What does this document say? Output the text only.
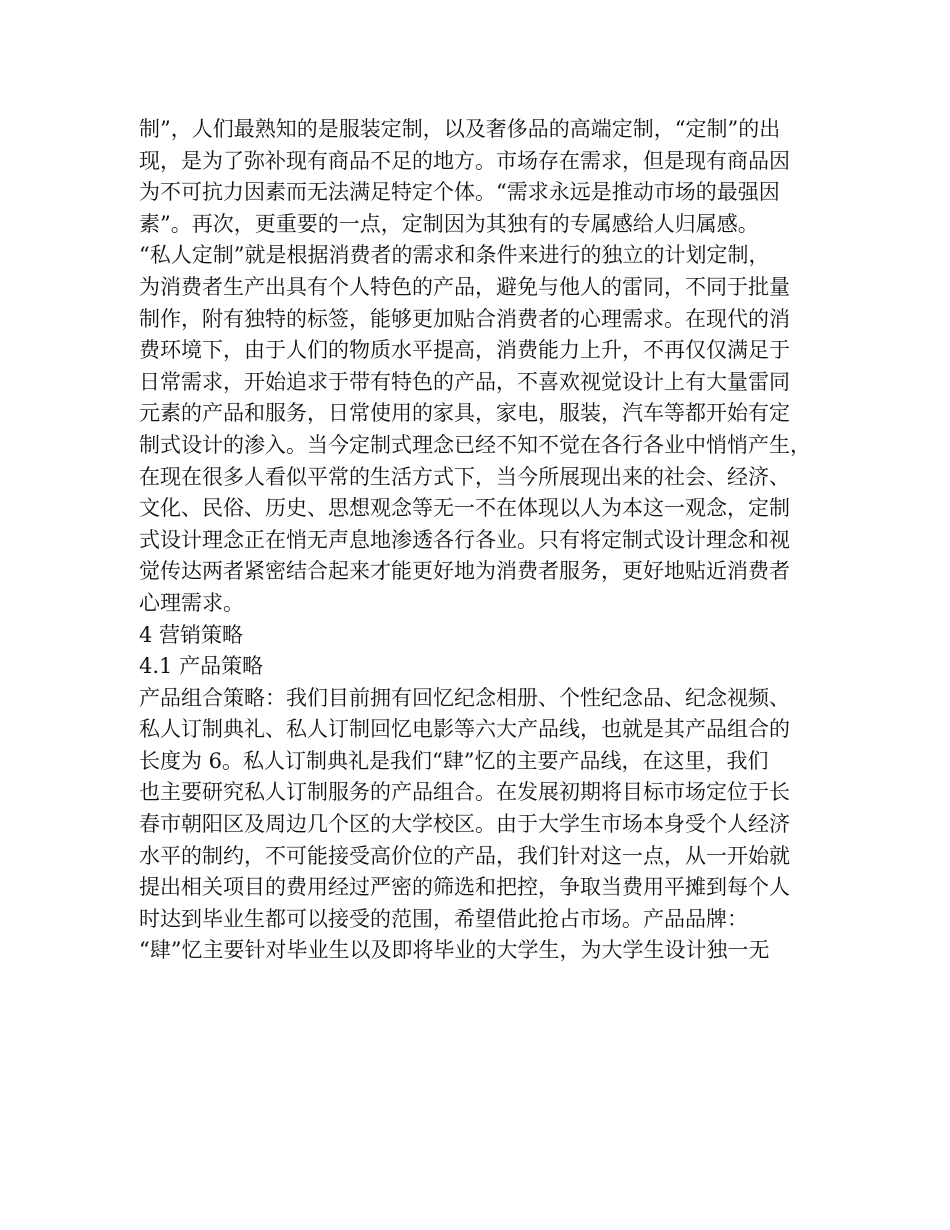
制”，人们最熟知的是服装定制，以及奢侈品的高端定制，“定制”的出
现，是为了弥补现有商品不足的地方。市场存在需求，但是现有商品因
为不可抗力因素而无法满足特定个体。“需求永远是推动市场的最强因
素”。再次，更重要的一点，定制因为其独有的专属感给人归属感。
“私人定制”就是根据消费者的需求和条件来进行的独立的计划定制，
为消费者生产出具有个人特色的产品，避免与他人的雷同，不同于批量
制作，附有独特的标签，能够更加贴合消费者的心理需求。在现代的消
费环境下，由于人们的物质水平提高，消费能力上升，不再仅仅满足于
日常需求，开始追求于带有特色的产品，不喜欢视觉设计上有大量雷同
元素的产品和服务，日常使用的家具，家电，服装，汽车等都开始有定
制式设计的渗入。当今定制式理念已经不知不觉在各行各业中悄悄产生，
在现在很多人看似平常的生活方式下，当今所展现出来的社会、经济、
文化、民俗、历史、思想观念等无一不在体现以人为本这一观念，定制
式设计理念正在悄无声息地渗透各行各业。只有将定制式设计理念和视
觉传达两者紧密结合起来才能更好地为消费者服务，更好地贴近消费者
心理需求。
4 营销策略
4.1 产品策略
产品组合策略：我们目前拥有回忆纪念相册、个性纪念品、纪念视频、
私人订制典礼、私人订制回忆电影等六大产品线，也就是其产品组合的
长度为 6。私人订制典礼是我们“肆”忆的主要产品线，在这里，我们
也主要研究私人订制服务的产品组合。在发展初期将目标市场定位于长
春市朝阳区及周边几个区的大学校区。由于大学生市场本身受个人经济
水平的制约，不可能接受高价位的产品，我们针对这一点，从一开始就
提出相关项目的费用经过严密的筛选和把控，争取当费用平摊到每个人
时达到毕业生都可以接受的范围，希望借此抢占市场。产品品牌：
“肆”忆主要针对毕业生以及即将毕业的大学生，为大学生设计独一无
